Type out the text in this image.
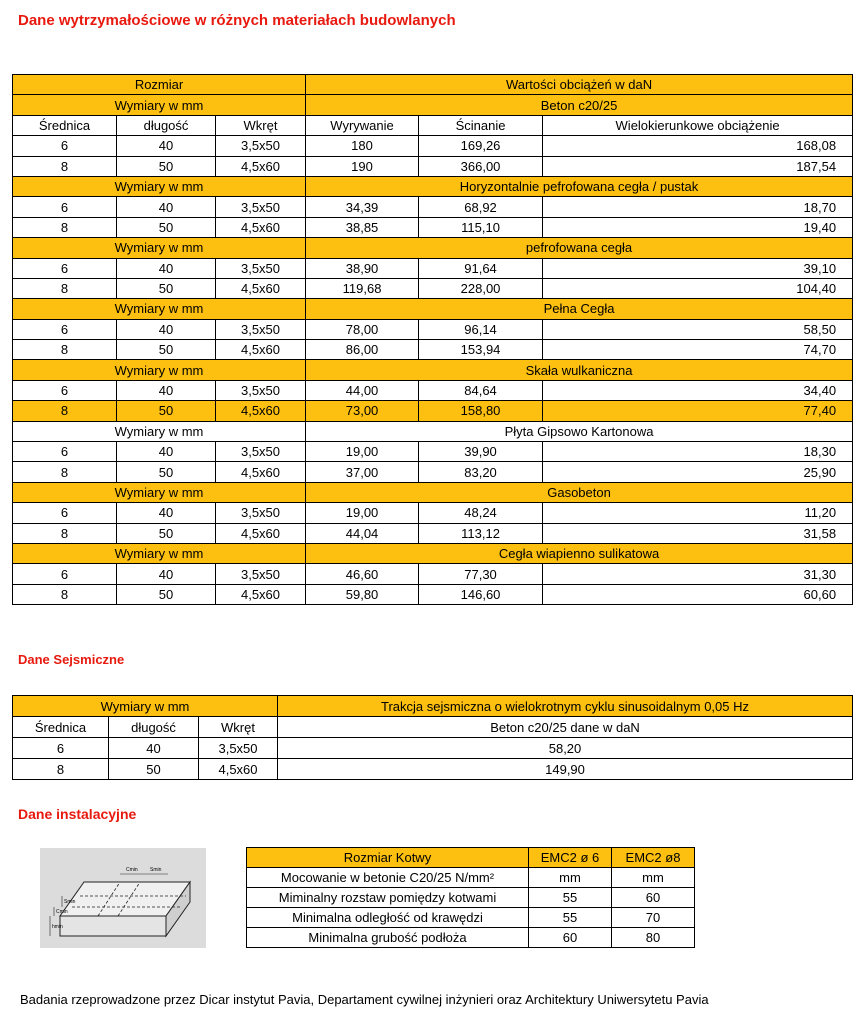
Dane wytrzymałościowe w różnych materiałach budowlanych
Rozmiar			Wartości obciążeń w daN		
Wymiary w mm			Beton c20/25		
Średnica	długość	Wkręt	Wyrywanie	Ścinanie	Wielokierunkowe obciążenie
6	40	3,5x50	180	169,26	168,08
8	50	4,5x60	190	366,00	187,54
Wymiary w mm			Horyzontalnie pefrofowana cegła / pustak		
6	40	3,5x50	34,39	68,92	18,70
8	50	4,5x60	38,85	115,10	19,40
Wymiary w mm			pefrofowana cegła		
6	40	3,5x50	38,90	91,64	39,10
8	50	4,5x60	119,68	228,00	104,40
Wymiary w mm			Pełna Cegła		
6	40	3,5x50	78,00	96,14	58,50
8	50	4,5x60	86,00	153,94	74,70
Wymiary w mm			Skała wulkaniczna		
6	40	3,5x50	44,00	84,64	34,40
8	50	4,5x60	73,00	158,80	77,40
Wymiary w mm			Płyta Gipsowo Kartonowa		
6	40	3,5x50	19,00	39,90	18,30
8	50	4,5x60	37,00	83,20	25,90
Wymiary w mm			Gasobeton		
6	40	3,5x50	19,00	48,24	11,20
8	50	4,5x60	44,04	113,12	31,58
Wymiary w mm			Cegła wiapienno sulikatowa		
6	40	3,5x50	46,60	77,30	31,30
8	50	4,5x60	59,80	146,60	60,60
Dane Sejsmiczne
Wymiary w mm			Trakcja sejsmiczna o wielokrotnym cyklu sinusoidalnym 0,05 Hz
Średnica	długość	Wkręt	Beton c20/25 dane w daN
6	40	3,5x50	58,20
8	50	4,5x60	149,90
Dane instalacyjne
Cmin Smin
Smin
Cmin
hmin
Rozmiar Kotwy	EMC2 ø 6	EMC2 ø8
Mocowanie w betonie C20/25 N/mm²	mm	mm
Miminalny rozstaw pomiędzy kotwami	55	60
Minimalna odległość od krawędzi	55	70
Minimalna grubość podłoża	60	80
Badania rzeprowadzone przez Dicar instytut Pavia, Departament cywilnej inżynieri oraz Architektury Uniwersytetu Pavia
